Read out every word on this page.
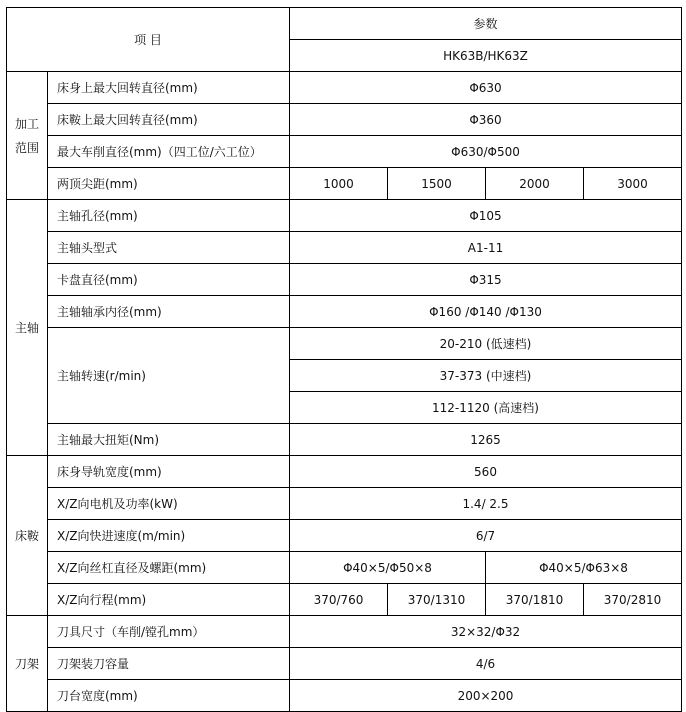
项 目		参数			
		HK63B/HK63Z			

加工
范围	床身上最大回转直径(mm)	Φ630			
	床鞍上最大回转直径(mm)	Φ360			
	最大车削直径(mm)（四工位/六工位）	Φ630/Φ500			
	两顶尖距(mm)	1000	1500	2000	3000
主轴	主轴孔径(mm)	Φ105			
	主轴头型式	A1-11			
	卡盘直径(mm)	Φ315			
	主轴轴承内径(mm)	Φ160 /Φ140 /Φ130			
	主轴转速(r/min)	20-210 (低速档)			
		37-373 (中速档)			
		112-1120 (高速档)			
	主轴最大扭矩(Nm)	1265			
床鞍	床身导轨宽度(mm)	560			
	X/Z向电机及功率(kW)	1.4/ 2.5			
	X/Z向快进速度(m/min)	6/7			
	X/Z向丝杠直径及螺距(mm)	Φ40×5/Φ50×8		Φ40×5/Φ63×8	
	X/Z向行程(mm)	370/760	370/1310	370/1810	370/2810
刀架	刀具尺寸（车削/镗孔mm）	32×32/Φ32			
	刀架装刀容量	4/6			
	刀台宽度(mm)	200×200			
